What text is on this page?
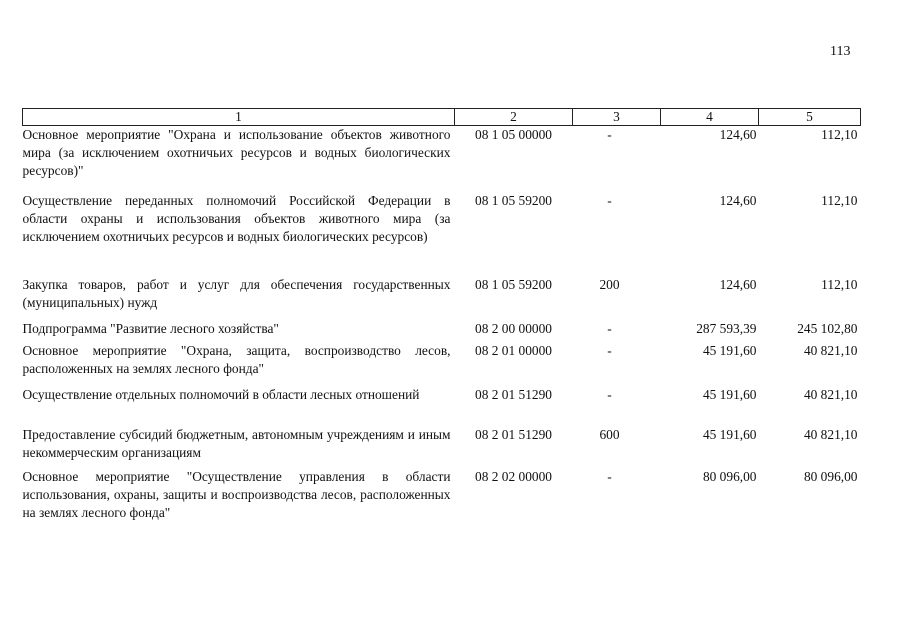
113
1	2	3	4	5
Основное мероприятие "Охрана и использование объектов животного мира (за исключением охотничьих ресурсов и водных биологических ресурсов)"	08 1 05 00000	-	124,60	112,10
Осуществление переданных полномочий Российской Федерации в области охраны и использования объектов животного мира (за исключением охотничьих ресурсов и водных биологических ресурсов)	08 1 05 59200	-	124,60	112,10
Закупка товаров, работ и услуг для обеспечения государственных (муниципальных) нужд	08 1 05 59200	200	124,60	112,10
Подпрограмма "Развитие лесного хозяйства"	08 2 00 00000	-	287 593,39	245 102,80
Основное мероприятие "Охрана, защита, воспроизводство лесов, расположенных на землях лесного фонда"	08 2 01 00000	-	45 191,60	40 821,10
Осуществление отдельных полномочий в области лесных отношений	08 2 01 51290	-	45 191,60	40 821,10
Предоставление субсидий бюджетным, автономным учреждениям и иным некоммерческим организациям	08 2 01 51290	600	45 191,60	40 821,10
Основное мероприятие "Осуществление управления в области использования, охраны, защиты и воспроизводства лесов, расположенных на землях лесного фонда"	08 2 02 00000	-	80 096,00	80 096,00
